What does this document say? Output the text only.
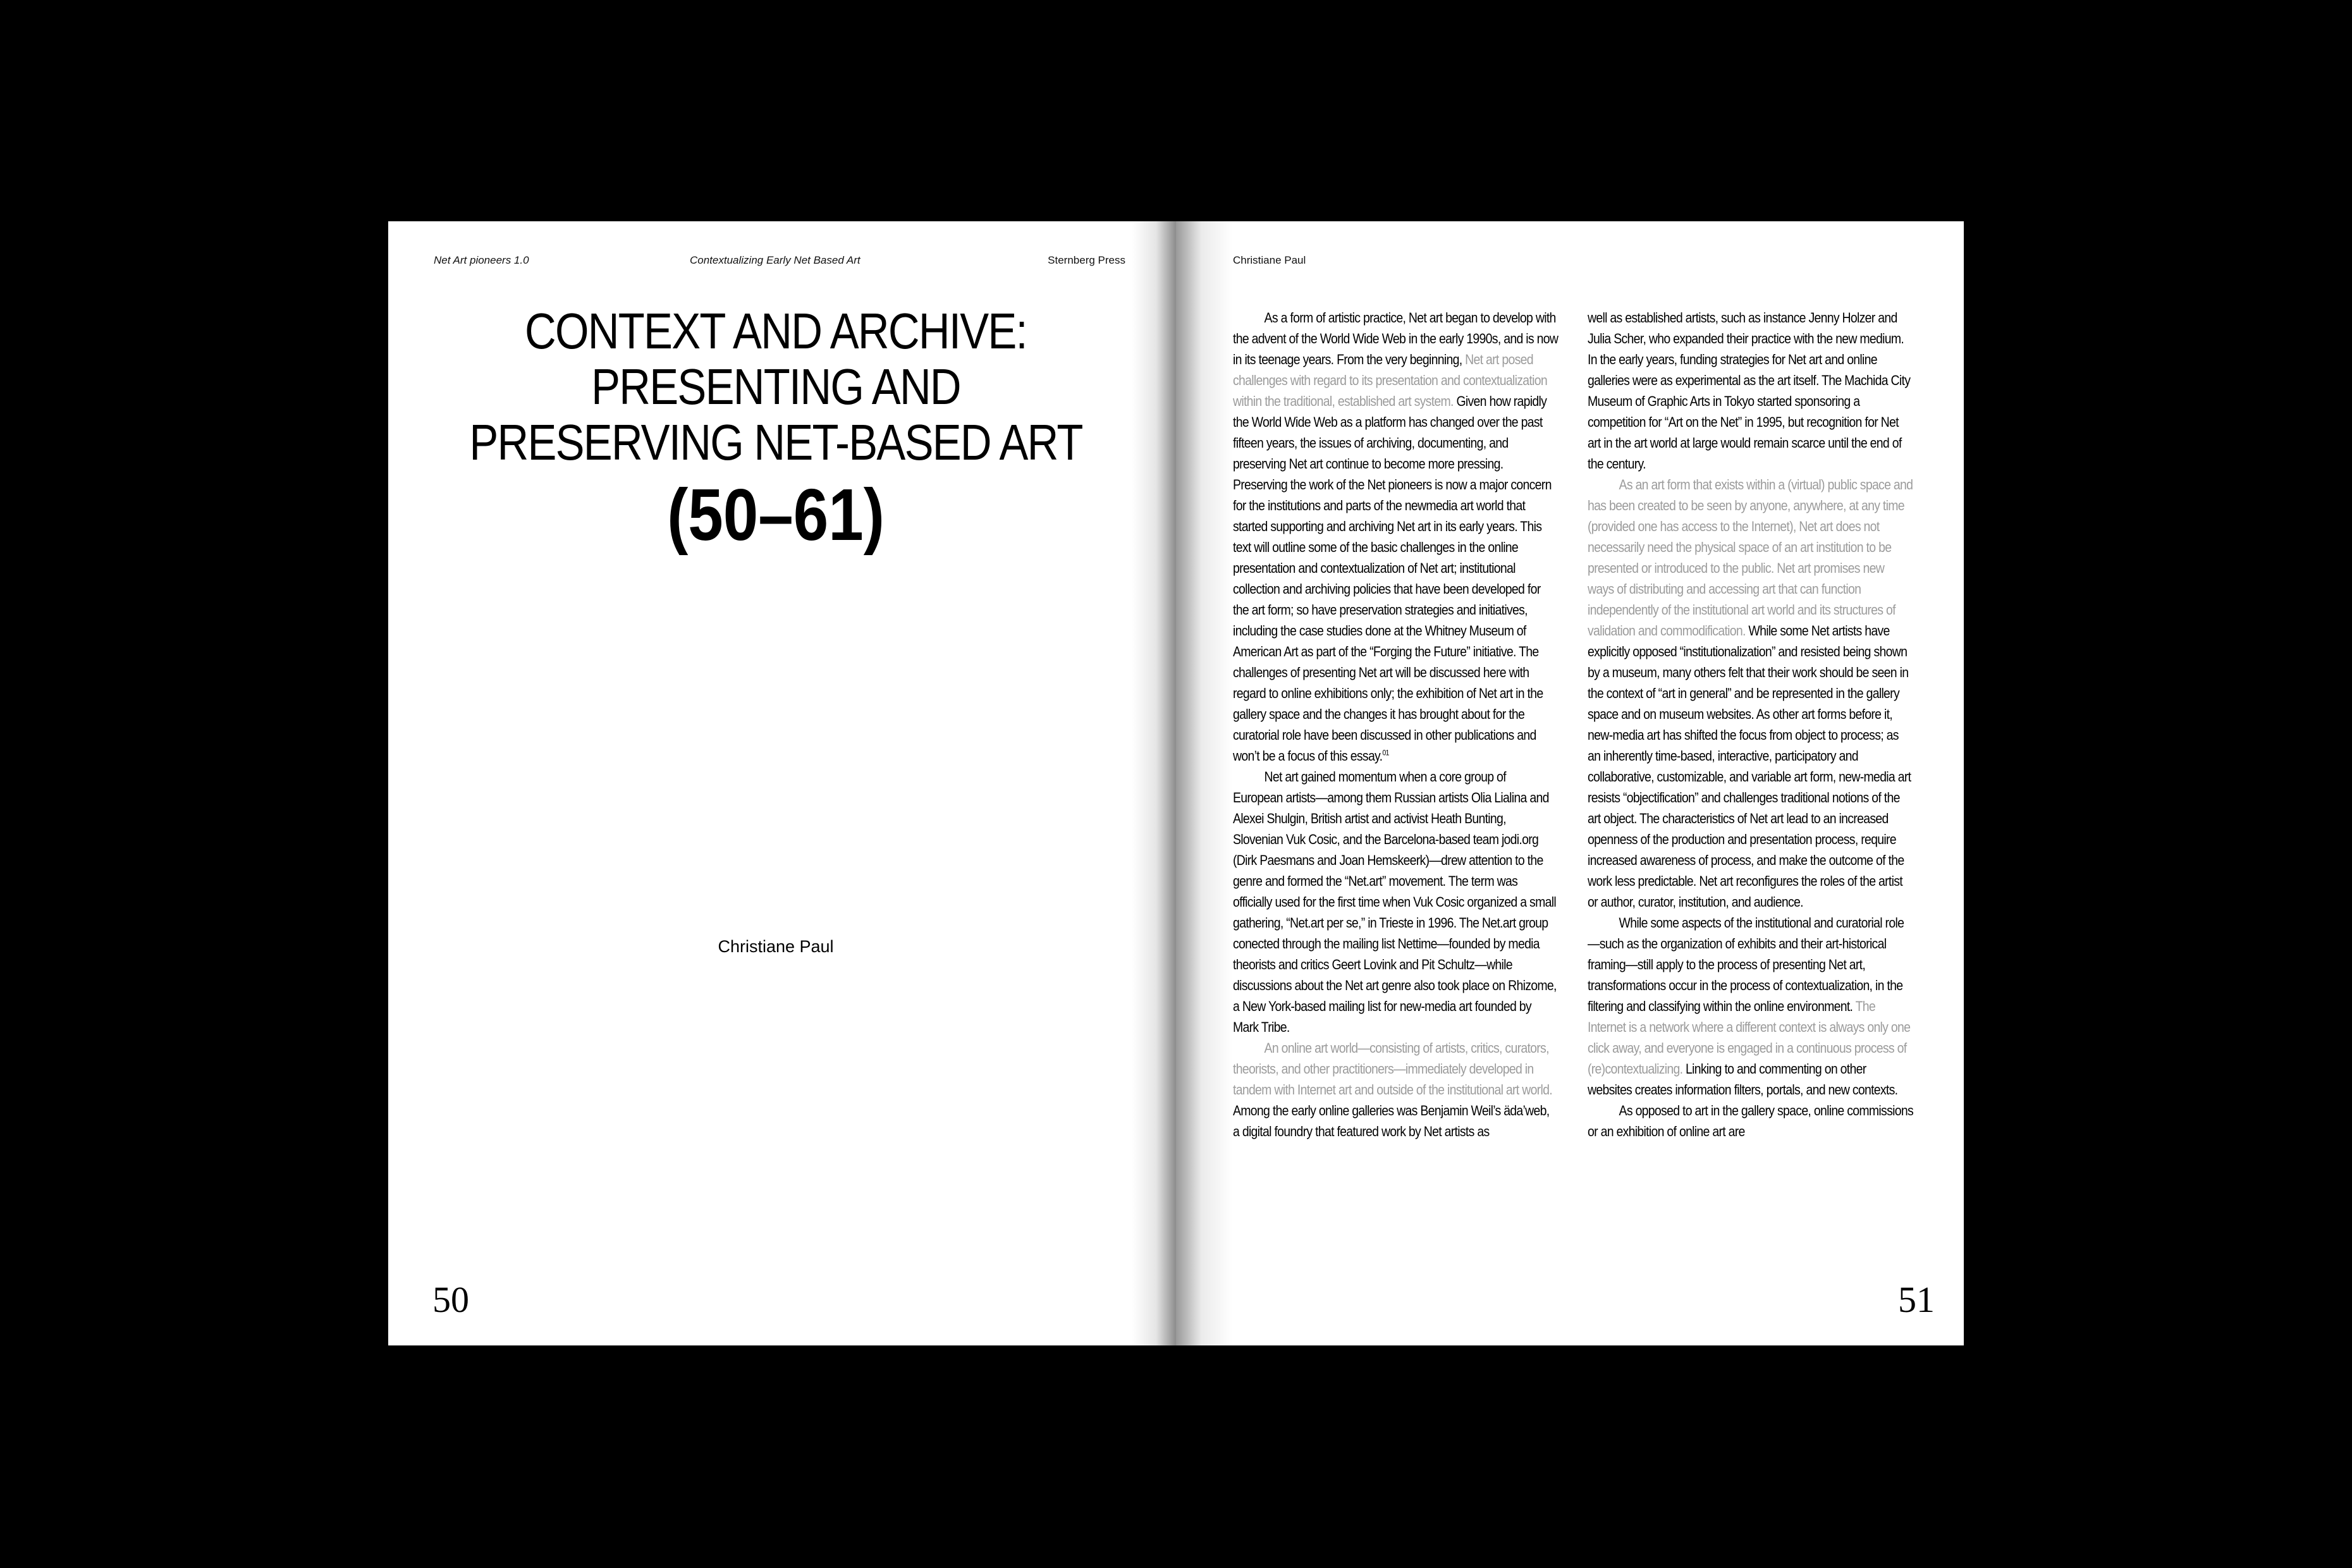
Net Art pioneers 1.0	Contextualizing Early Net Based Art	Sternberg Press
CONTEXT AND ARCHIVE:
PRESENTING AND
PRESERVING NET-BASED ART
(50–61)
Christiane Paul
50
Christiane Paul

As a form of artistic practice, Net art began to develop with the advent of the World Wide Web in the early 1990s, and is now in its teenage years. From the very beginning, Net art posed challenges with regard to its presentation and contextualization within the traditional, established art system. Given how rapidly the World Wide Web as a platform has changed over the past fifteen years, the issues of archiving, documenting, and preserving Net art continue to become more pressing. Preserving the work of the Net pioneers is now a major concern for the institutions and parts of the newmedia art world that started supporting and archiving Net art in its early years. This text will outline some of the basic challenges in the online presentation and contextualization of Net art; institutional collection and archiving policies that have been developed for the art form; so have preservation strategies and initiatives, including the case studies done at the Whitney Museum of American Art as part of the “Forging the Future” initiative. The challenges of presenting Net art will be discussed here with regard to online exhibitions only; the exhibition of Net art in the gallery space and the changes it has brought about for the curatorial role have been discussed in other publications and won’t be a focus of this essay.$^{01}$

Net art gained momentum when a core group of European artists—among them Russian artists Olia Lialina and Alexei Shulgin, British artist and activist Heath Bunting, Slovenian Vuk Cosic, and the Barcelona-based team jodi.org (Dirk Paesmans and Joan Hemskeerk)—drew attention to the genre and formed the “Net.art” movement. The term was officially used for the first time when Vuk Cosic organized a small gathering, “Net.art per se,” in Trieste in 1996. The Net.art group conected through the mailing list Nettime—founded by media theorists and critics Geert Lovink and Pit Schultz—while discussions about the Net art genre also took place on Rhizome, a New York-based mailing list for new-media art founded by Mark Tribe.

An online art world—consisting of artists, critics, curators, theorists, and other practitioners—immediately developed in tandem with Internet art and outside of the institutional art world. Among the early online galleries was Benjamin Weil’s äda’web, a digital foundry that featured work by Net artists as

well as established artists, such as instance Jenny Holzer and Julia Scher, who expanded their practice with the new medium. In the early years, funding strategies for Net art and online galleries were as experimental as the art itself. The Machida City Museum of Graphic Arts in Tokyo started sponsoring a competition for “Art on the Net” in 1995, but recognition for Net art in the art world at large would remain scarce until the end of the century.

As an art form that exists within a (virtual) public space and has been created to be seen by anyone, anywhere, at any time (provided one has access to the Internet), Net art does not necessarily need the physical space of an art institution to be presented or introduced to the public. Net art promises new ways of distributing and accessing art that can function independently of the institutional art world and its structures of validation and commodification. While some Net artists have explicitly opposed “institutionalization” and resisted being shown by a museum, many others felt that their work should be seen in the context of “art in general” and be represented in the gallery space and on museum websites. As other art forms before it, new-media art has shifted the focus from object to process; as an inherently time-based, interactive, participatory and collaborative, customizable, and variable art form, new-media art resists “objectification” and challenges traditional notions of the art object. The characteristics of Net art lead to an increased openness of the production and presentation process, require increased awareness of process, and make the outcome of the work less predictable. Net art reconfigures the roles of the artist or author, curator, institution, and audience.

While some aspects of the institutional and curatorial role—such as the organization of exhibits and their art-historical framing—still apply to the process of presenting Net art, transformations occur in the process of contextualization, in the filtering and classifying within the online environment. The Internet is a network where a different context is always only one click away, and everyone is engaged in a continuous process of (re)contextualizing. Linking to and commenting on other websites creates information filters, portals, and new contexts.

As opposed to art in the gallery space, online commissions or an exhibition of online art are

51
